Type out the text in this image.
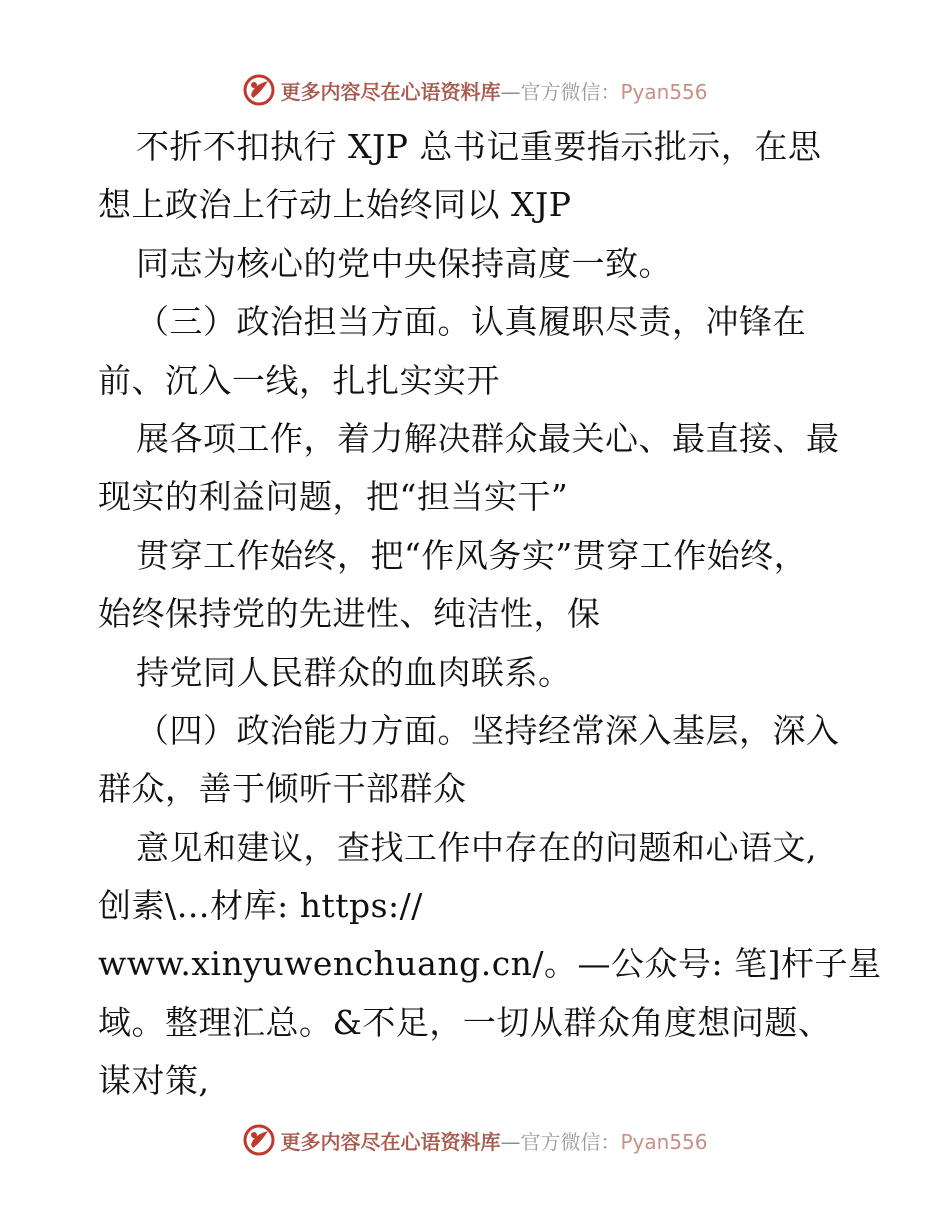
更多内容尽在心语资料库—官方微信：Pyan556
不折不扣执行 XJP 总书记重要指示批示，在思
想上政治上行动上始终同以 XJP
同志为核心的党中央保持高度一致。
（三）政治担当方面。认真履职尽责，冲锋在
前、沉入一线，扎扎实实开
展各项工作，着力解决群众最关心、最直接、最
现实的利益问题，把“担当实干”
贯穿工作始终，把“作风务实”贯穿工作始终，
始终保持党的先进性、纯洁性，保
持党同人民群众的血肉联系。
（四）政治能力方面。坚持经常深入基层，深入
群众，善于倾听干部群众
意见和建议，查找工作中存在的问题和心语文,
创素\…材库: https://
www.xinyuwenchuang.cn/。—公众号: 笔]杆子星
域。整理汇总。&不足，一切从群众角度想问题、
谋对策,
更多内容尽在心语资料库—官方微信：Pyan556
